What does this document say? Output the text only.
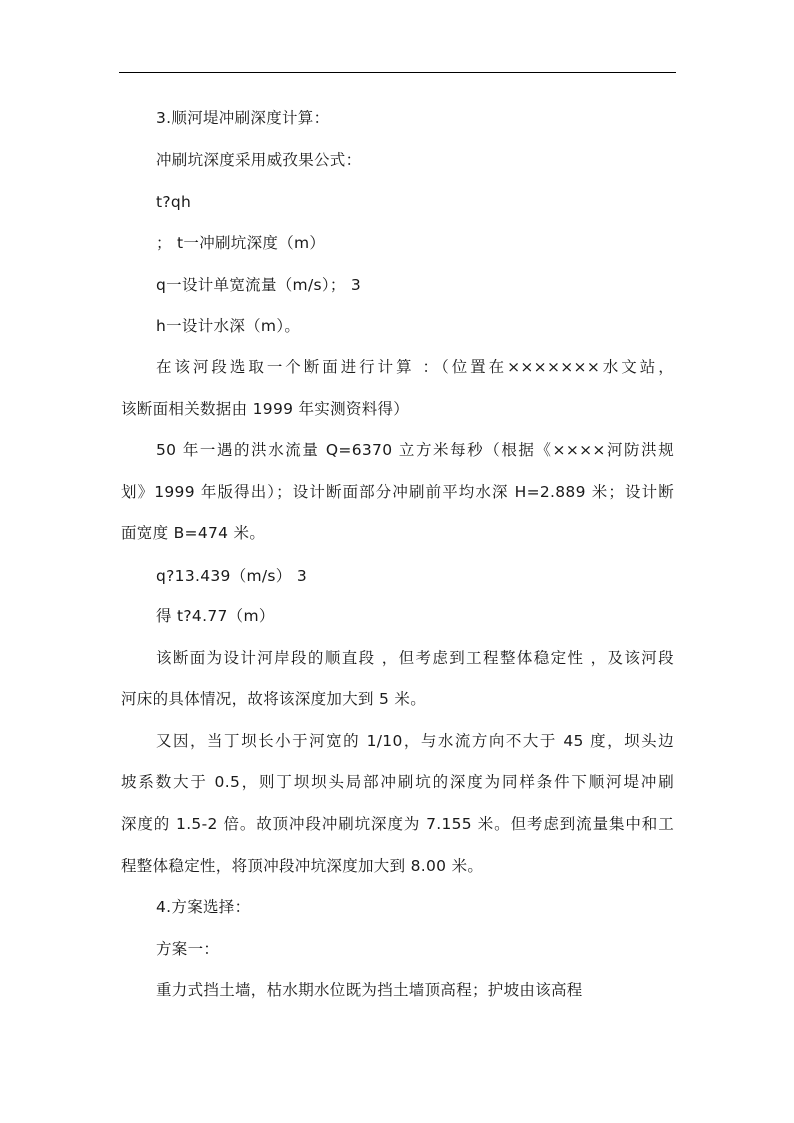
3.顺河堤冲刷深度计算：
冲刷坑深度采用威孜果公式：
t?qh
； t一冲刷坑深度（m）
q一设计单宽流量（m/s）； 3
h一设计水深（m）。
在该河段选取一个断面进行计算 ：（位置在×××××××水文站，
该断面相关数据由 1999 年实测资料得）
50 年一遇的洪水流量 Q=6370 立方米每秒（根据《××××河防洪规
划》1999 年版得出）；设计断面部分冲刷前平均水深 H=2.889 米；设计断
面宽度 B=474 米。
q?13.439（m/s） 3
得 t?4.77（m）
该断面为设计河岸段的顺直段 ，但考虑到工程整体稳定性 ，及该河段
河床的具体情况，故将该深度加大到 5 米。
又因，当丁坝长小于河宽的 1/10，与水流方向不大于 45 度，坝头边
坡系数大于 0.5，则丁坝坝头局部冲刷坑的深度为同样条件下顺河堤冲刷
深度的 1.5-2 倍。故顶冲段冲刷坑深度为 7.155 米。但考虑到流量集中和工
程整体稳定性，将顶冲段冲坑深度加大到 8.00 米。
4.方案选择：
方案一：
重力式挡土墙，枯水期水位既为挡土墙顶高程；护坡由该高程
